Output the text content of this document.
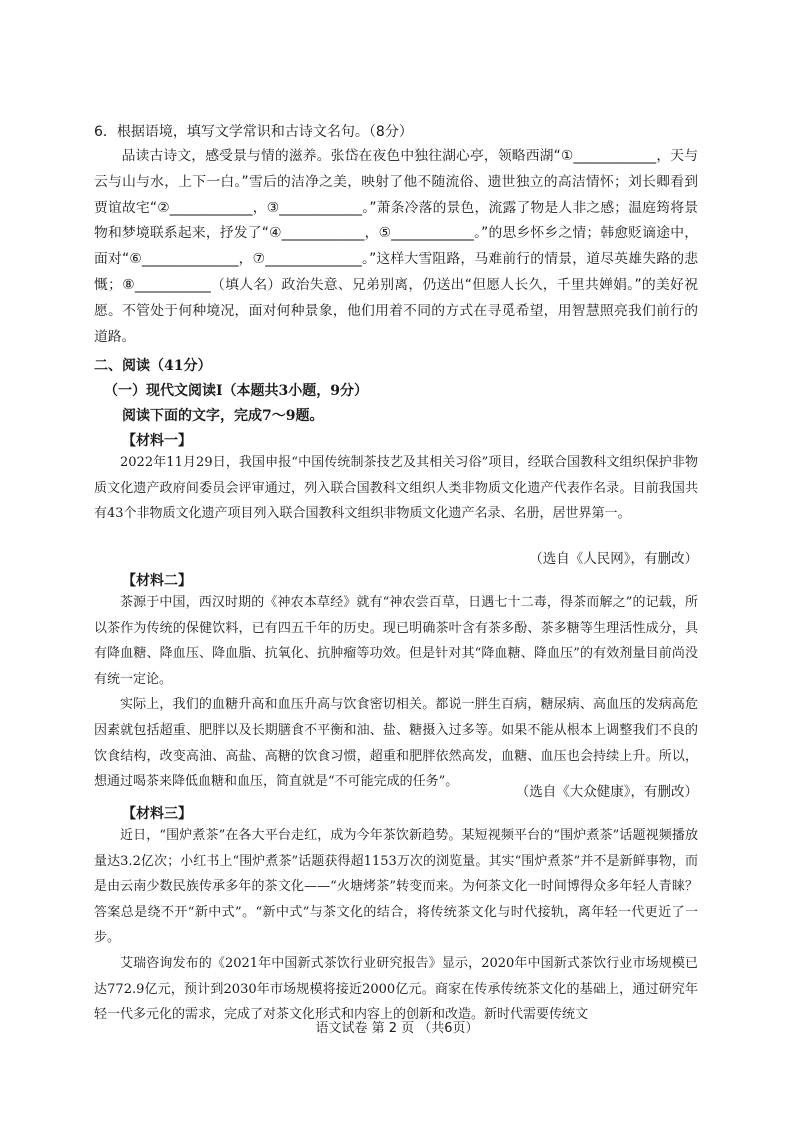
6．根据语境，填写文学常识和古诗文名句。（8分）

品读古诗文，感受景与情的滋养。张岱在夜色中独往湖心亭，领略西湖“①____________，天与云与山与水，上下一白。”雪后的洁净之美，映射了他不随流俗、遗世独立的高洁情怀；刘长卿看到贾谊故宅“②____________，③____________。”萧条冷落的景色，流露了物是人非之感；温庭筠将景物和梦境联系起来，抒发了“④____________，⑤____________。”的思乡怀乡之情；韩愈贬谪途中，面对“⑥______________，⑦______________。”这样大雪阻路，马难前行的情景，道尽英雄失路的悲慨；⑧___________（填人名）政治失意、兄弟别离，仍送出“但愿人长久，千里共婵娟。”的美好祝愿。不管处于何种境况，面对何种景象，他们用着不同的方式在寻觅希望，用智慧照亮我们前行的道路。

二、阅读（41分）
（一）现代文阅读Ⅰ（本题共3小题，9分）
阅读下面的文字，完成7～9题。
【材料一】

2022年11月29日，我国申报“中国传统制茶技艺及其相关习俗”项目，经联合国教科文组织保护非物质文化遗产政府间委员会评审通过，列入联合国教科文组织人类非物质文化遗产代表作名录。目前我国共有43个非物质文化遗产项目列入联合国教科文组织非物质文化遗产名录、名册，居世界第一。

（选自《人民网》，有删改）
【材料二】

茶源于中国，西汉时期的《神农本草经》就有“神农尝百草，日遇七十二毒，得茶而解之”的记载，所以茶作为传统的保健饮料，已有四五千年的历史。现已明确茶叶含有茶多酚、茶多糖等生理活性成分，具有降血糖、降血压、降血脂、抗氧化、抗肿瘤等功效。但是针对其“降血糖、降血压”的有效剂量目前尚没有统一定论。

实际上，我们的血糖升高和血压升高与饮食密切相关。都说一胖生百病，糖尿病、高血压的发病高危因素就包括超重、肥胖以及长期膳食不平衡和油、盐、糖摄入过多等。如果不能从根本上调整我们不良的饮食结构，改变高油、高盐、高糖的饮食习惯，超重和肥胖依然高发，血糖、血压也会持续上升。所以，想通过喝茶来降低血糖和血压，简直就是“不可能完成的任务”。

（选自《大众健康》，有删改）
【材料三】

近日，“围炉煮茶”在各大平台走红，成为今年茶饮新趋势。某短视频平台的“围炉煮茶”话题视频播放量达3.2亿次；小红书上“围炉煮茶”话题获得超1153万次的浏览量。其实“围炉煮茶”并不是新鲜事物，而是由云南少数民族传承多年的茶文化——“火塘烤茶”转变而来。为何茶文化一时间博得众多年轻人青睐？答案总是绕不开“新中式”。“新中式”与茶文化的结合，将传统茶文化与时代接轨，离年轻一代更近了一步。

艾瑞咨询发布的《2021年中国新式茶饮行业研究报告》显示，2020年中国新式茶饮行业市场规模已达772.9亿元，预计到2030年市场规模将接近2000亿元。商家在传承传统茶文化的基础上，通过研究年轻一代多元化的需求，完成了对茶文化形式和内容上的创新和改造。新时代需要传统文

语文试卷 第 2 页 （共6页）
